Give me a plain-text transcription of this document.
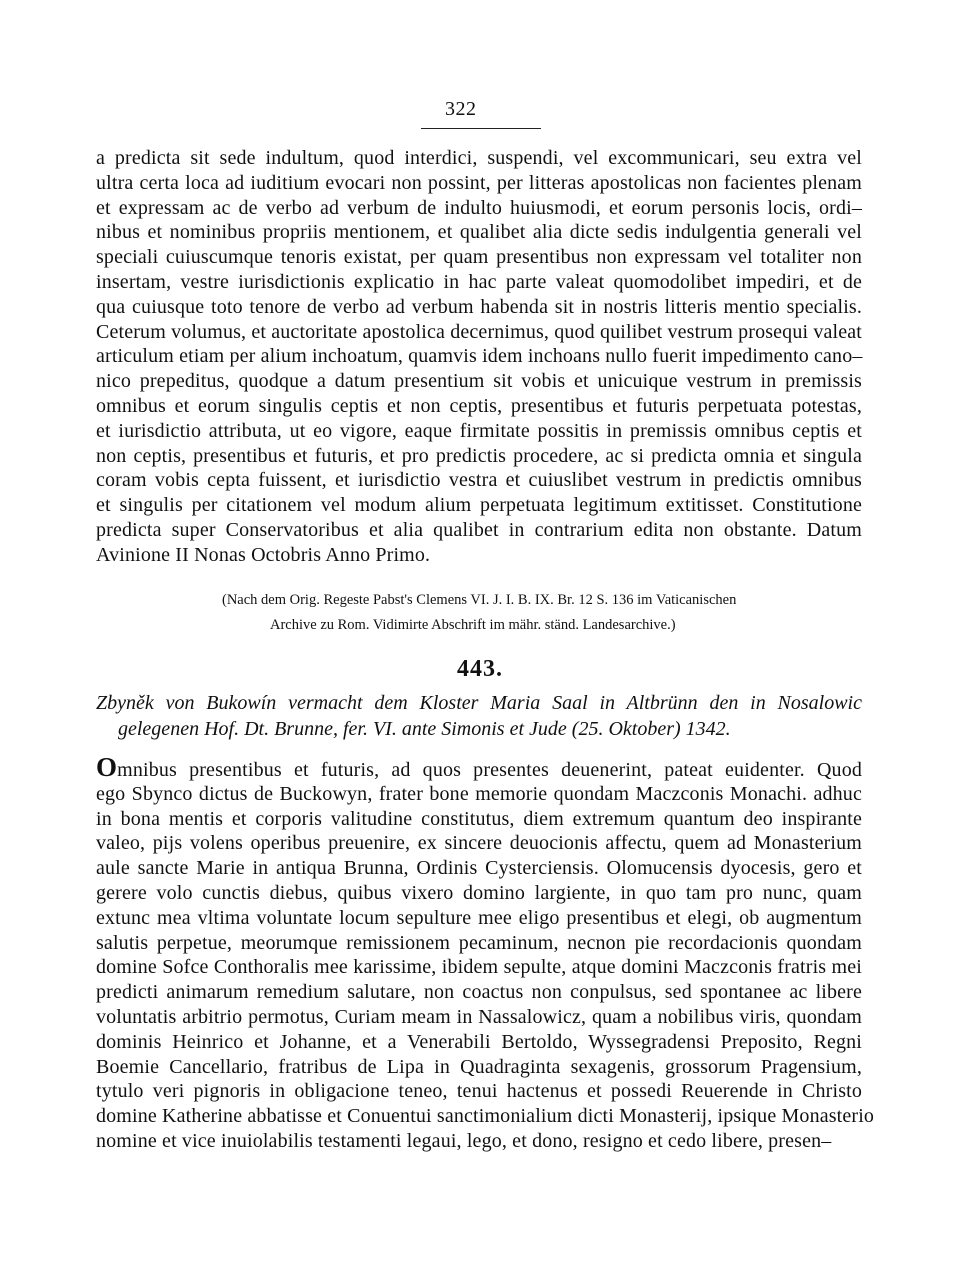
322
a predicta sit sede indultum, quod interdici, suspendi, vel excommunicari, seu extra vel
ultra certa loca ad iuditium evocari non possint, per litteras apostolicas non facientes plenam
et expressam ac de verbo ad verbum de indulto huiusmodi, et eorum personis locis, ordi–
nibus et nominibus propriis mentionem, et qualibet alia dicte sedis indulgentia generali vel
speciali cuiuscumque tenoris existat, per quam presentibus non expressam vel totaliter non
insertam, vestre iurisdictionis explicatio in hac parte valeat quomodolibet impediri, et de
qua cuiusque toto tenore de verbo ad verbum habenda sit in nostris litteris mentio specialis.
Ceterum volumus, et auctoritate apostolica decernimus, quod quilibet vestrum prosequi valeat
articulum etiam per alium inchoatum, quamvis idem inchoans nullo fuerit impedimento cano–
nico prepeditus, quodque a datum presentium sit vobis et unicuique vestrum in premissis
omnibus et eorum singulis ceptis et non ceptis, presentibus et futuris perpetuata potestas,
et iurisdictio attributa, ut eo vigore, eaque firmitate possitis in premissis omnibus ceptis et
non ceptis, presentibus et futuris, et pro predictis procedere, ac si predicta omnia et singula
coram vobis cepta fuissent, et iurisdictio vestra et cuiuslibet vestrum in predictis omnibus
et singulis per citationem vel modum alium perpetuata legitimum extitisset. Constitutione
predicta super Conservatoribus et alia qualibet in contrarium edita non obstante. Datum
Avinione II Nonas Octobris Anno Primo.
(Nach dem Orig. Regeste Pabst's Clemens VI. J. I. B. IX. Br. 12 S. 136 im Vaticanischen
Archive zu Rom. Vidimirte Abschrift im mähr. ständ. Landesarchive.)
443.
Zbyněk von Bukowín vermacht dem Kloster Maria Saal in Altbrünn den in Nosalowic
gelegenen Hof. Dt. Brunne, fer. VI. ante Simonis et Jude (25. Oktober) 1342.
Omnibus presentibus et futuris, ad quos presentes deuenerint, pateat euidenter. Quod
ego Sbynco dictus de Buckowyn, frater bone memorie quondam Maczconis Monachi. adhuc
in bona mentis et corporis valitudine constitutus, diem extremum quantum deo inspirante
valeo, pijs volens operibus preuenire, ex sincere deuocionis affectu, quem ad Monasterium
aule sancte Marie in antiqua Brunna, Ordinis Cysterciensis. Olomucensis dyocesis, gero et
gerere volo cunctis diebus, quibus vixero domino largiente, in quo tam pro nunc, quam
extunc mea vltima voluntate locum sepulture mee eligo presentibus et elegi, ob augmentum
salutis perpetue, meorumque remissionem pecaminum, necnon pie recordacionis quondam
domine Sofce Conthoralis mee karissime, ibidem sepulte, atque domini Maczconis fratris mei
predicti animarum remedium salutare, non coactus non conpulsus, sed spontanee ac libere
voluntatis arbitrio permotus, Curiam meam in Nassalowicz, quam a nobilibus viris, quondam
dominis Heinrico et Johanne, et a Venerabili Bertoldo, Wyssegradensi Preposito, Regni
Boemie Cancellario, fratribus de Lipa in Quadraginta sexagenis, grossorum Pragensium,
tytulo veri pignoris in obligacione teneo, tenui hactenus et possedi Reuerende in Christo
domine Katherine abbatisse et Conuentui sanctimonialium dicti Monasterij, ipsique Monasterio
nomine et vice inuiolabilis testamenti legaui, lego, et dono, resigno et cedo libere, presen–
